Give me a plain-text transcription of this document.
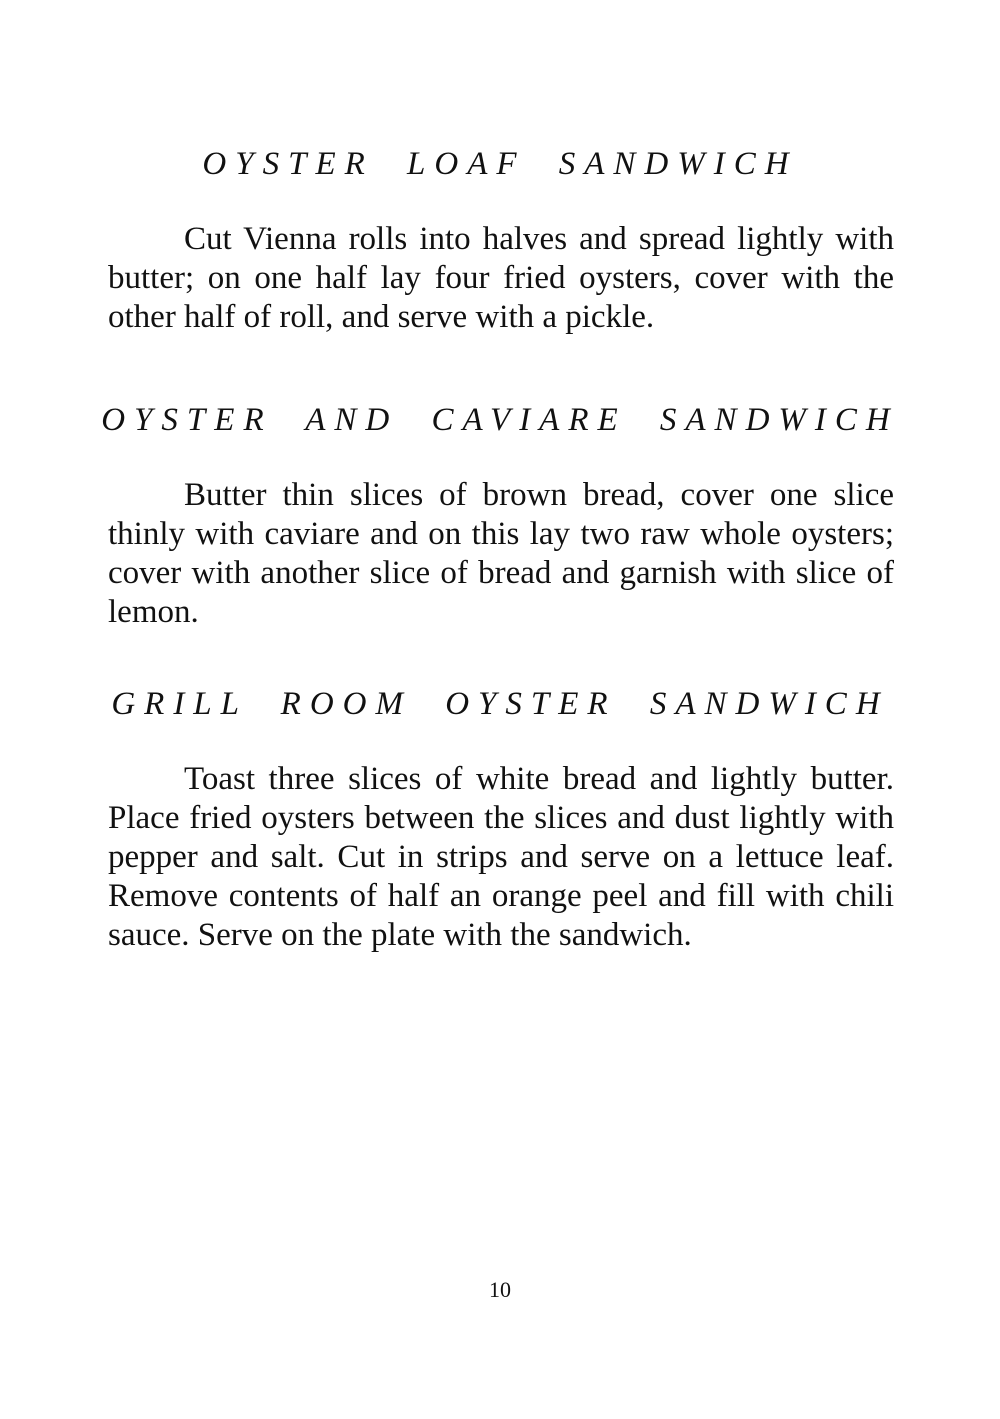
OYSTER LOAF SANDWICH

Cut Vienna rolls into halves and spread lightly with butter; on one half lay four fried oysters, cover with the other half of roll, and serve with a pickle.

OYSTER AND CAVIARE SANDWICH

Butter thin slices of brown bread, cover one slice thinly with caviare and on this lay two raw whole oysters; cover with another slice of bread and garnish with slice of lemon.

GRILL ROOM OYSTER SANDWICH

Toast three slices of white bread and lightly butter. Place fried oysters between the slices and dust lightly with pepper and salt. Cut in strips and serve on a lettuce leaf. Remove contents of half an orange peel and fill with chili sauce. Serve on the plate with the sandwich.

10
